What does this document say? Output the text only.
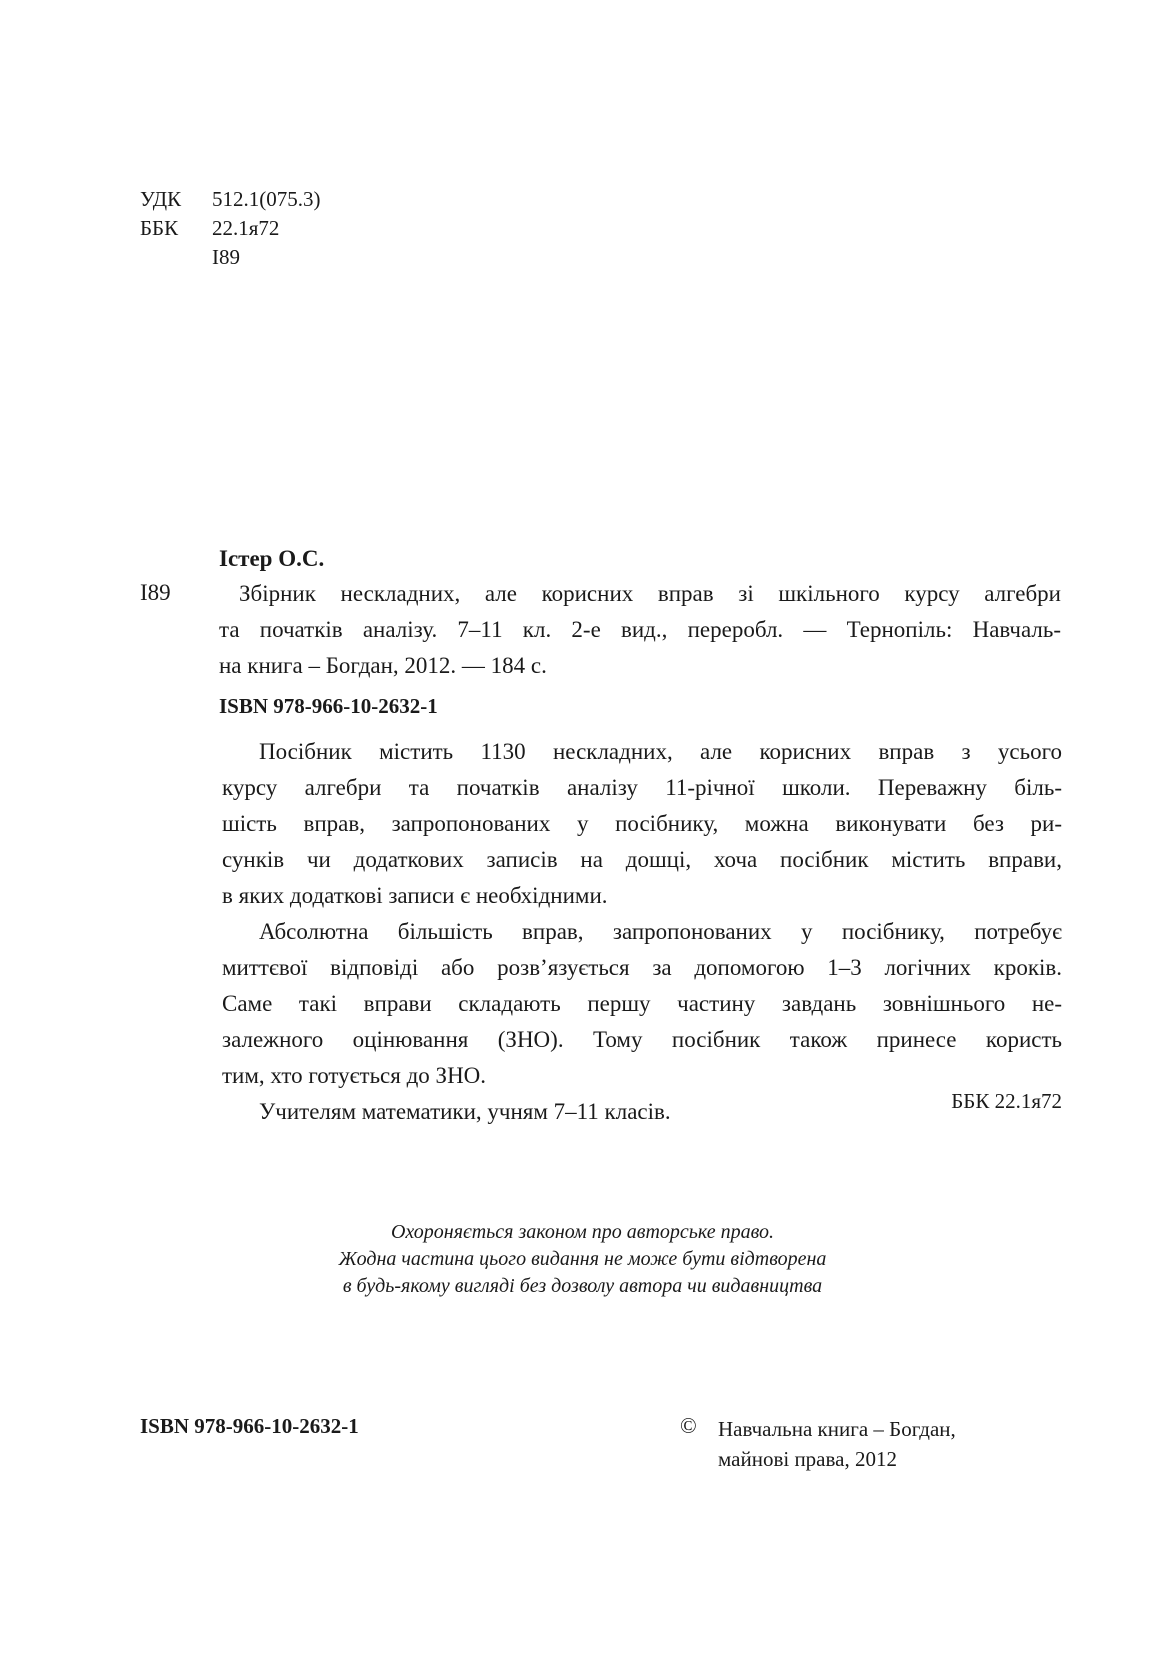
УДК 512.1(075.3)
ББК 22.1я72
І89
Істер О.С.
І89	Збірник нескладних, але корисних вправ зі шкільного курсу алгебри
та початків аналізу. 7–11 кл. 2-е вид., переробл. — Тернопіль: Навчаль-
на книга – Богдан, 2012. — 184 с.
ISBN 978-966-10-2632-1
Посібник містить 1130 нескладних, але корисних вправ з усього
курсу алгебри та початків аналізу 11-річної школи. Переважну біль-
шість вправ, запропонованих у посібнику, можна виконувати без ри-
сунків чи додаткових записів на дошці, хоча посібник містить вправи,
в яких додаткові записи є необхідними.
Абсолютна більшість вправ, запропонованих у посібнику, потребує
миттєвої відповіді або розв’язується за допомогою 1–3 логічних кроків.
Саме такі вправи складають першу частину завдань зовнішнього не-
залежного оцінювання (ЗНО). Тому посібник також принесе користь
тим, хто готується до ЗНО.
Учителям математики, учням 7–11 класів.	ББК 22.1я72
Охороняється законом про авторське право.
Жодна частина цього видання не може бути відтворена
в будь-якому вигляді без дозволу автора чи видавництва
ISBN 978-966-10-2632-1	© Навчальна книга – Богдан,
майнові права, 2012
